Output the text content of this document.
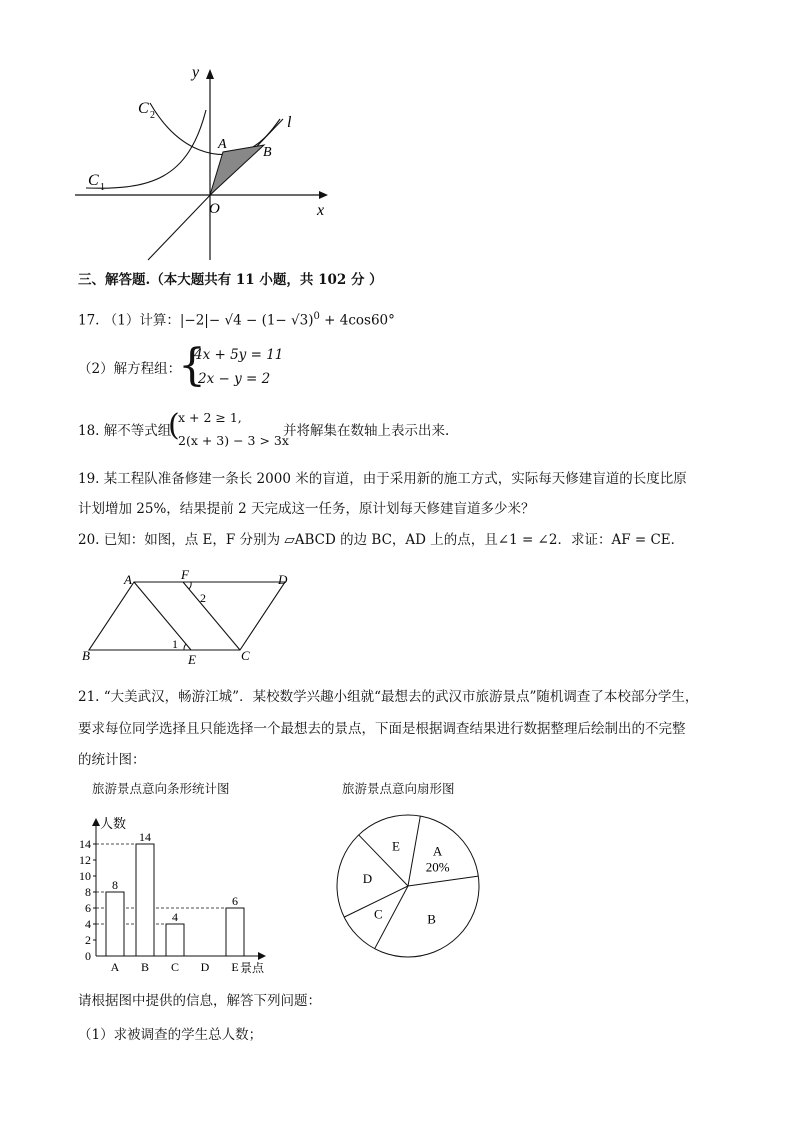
y
x
O
C 2
C 1
l
A
B
三、解答题.（本大题共有 11 小题，共 102 分 ）
17. （1）计算：$|-2|- √4 - (1- √3)^0 + 4\cos 60^\circ$
（2）解方程组：
{
4x + 5y = 11
2x − y = 2
18. 解不等式组
(
x + 2 ≥ 1,
2(x + 3) − 3 > 3x
并将解集在数轴上表示出来.
19. 某工程队准备修建一条长 2000 米的盲道，由于采用新的施工方式，实际每天修建盲道的长度比原
计划增加 25%，结果提前 2 天完成这一任务，原计划每天修建盲道多少米？
20. 已知：如图，点 E，F 分别为 ▱ABCD 的边 BC，AD 上的点，且∠1 = ∠2．求证：AF = CE．
A	F	D
B	E	C
1
2
21. “大美武汉，畅游江城”．某校数学兴趣小组就“最想去的武汉市旅游景点”随机调查了本校部分学生，
要求每位同学选择且只能选择一个最想去的景点，下面是根据调查结果进行数据整理后绘制出的不完整
的统计图：
旅游景点意向条形统计图
人数
景点
0
2
4
6
8
10
12
14
8
A
14
B
4
C D
6
E
旅游景点意向扇形图
A
20%
B
C
D
E
请根据图中提供的信息，解答下列问题：
（1）求被调查的学生总人数；
